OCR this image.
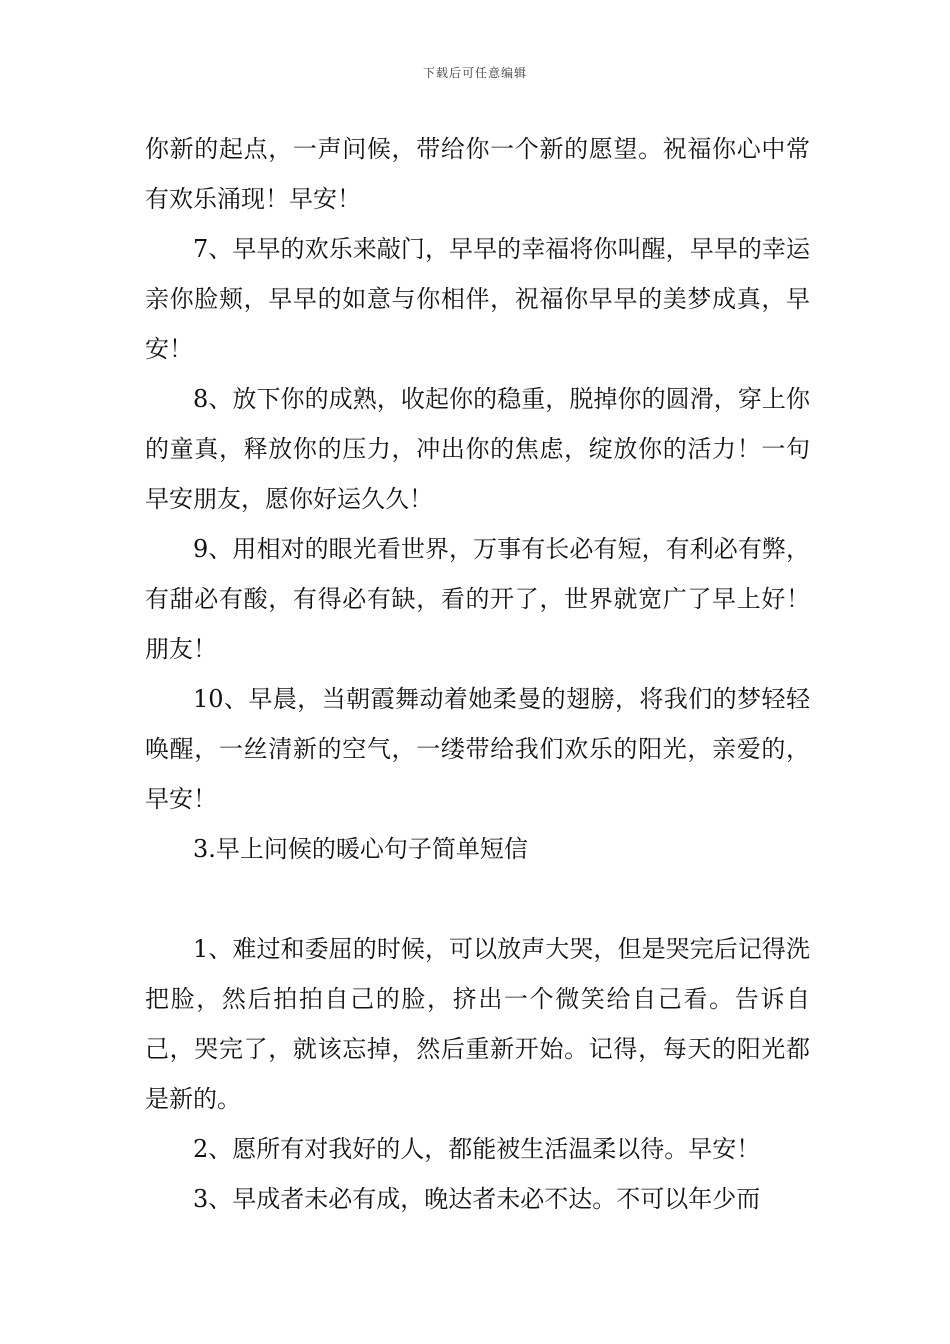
下载后可任意编辑

你新的起点，一声问候，带给你一个新的愿望。祝福你心中常有欢乐涌现！早安！

7、早早的欢乐来敲门，早早的幸福将你叫醒，早早的幸运亲你脸颊，早早的如意与你相伴，祝福你早早的美梦成真，早安！

8、放下你的成熟，收起你的稳重，脱掉你的圆滑，穿上你的童真，释放你的压力，冲出你的焦虑，绽放你的活力！一句早安朋友，愿你好运久久！

9、用相对的眼光看世界，万事有长必有短，有利必有弊，有甜必有酸，有得必有缺，看的开了，世界就宽广了早上好！朋友！

10、早晨，当朝霞舞动着她柔曼的翅膀，将我们的梦轻轻唤醒，一丝清新的空气，一缕带给我们欢乐的阳光，亲爱的，早安！

3.早上问候的暖心句子简单短信

1、难过和委屈的时候，可以放声大哭，但是哭完后记得洗把脸，然后拍拍自己的脸，挤出一个微笑给自己看。告诉自己，哭完了，就该忘掉，然后重新开始。记得，每天的阳光都是新的。

2、愿所有对我好的人，都能被生活温柔以待。早安！

3、早成者未必有成，晚达者未必不达。不可以年少而
